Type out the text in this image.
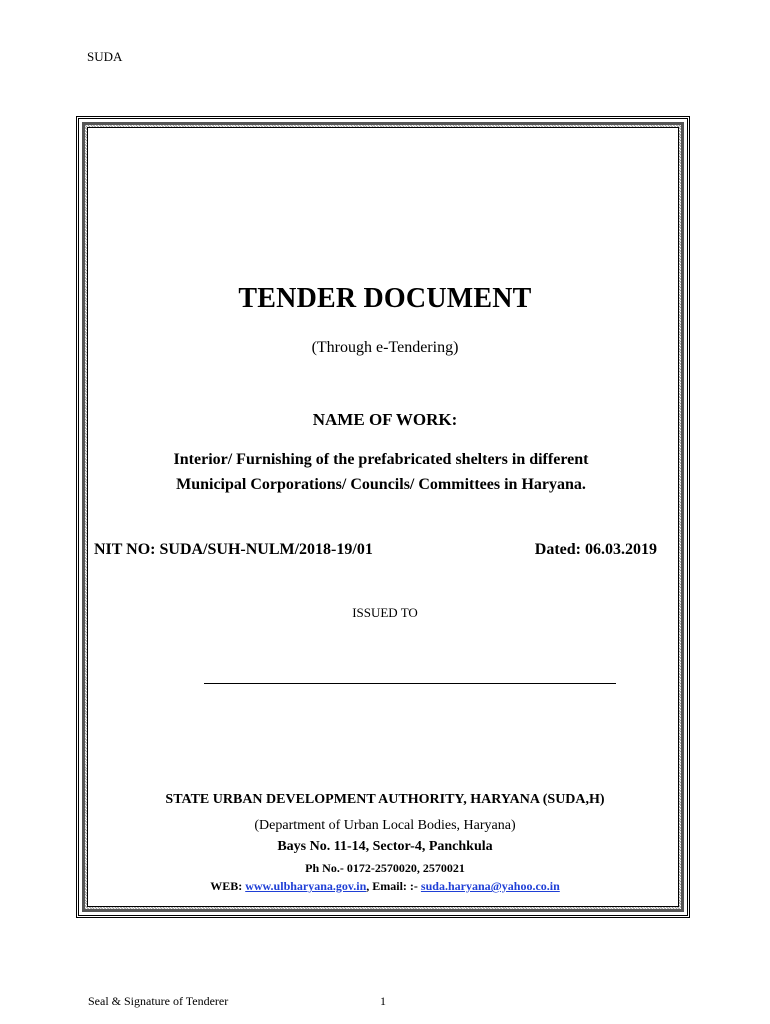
SUDA
TENDER DOCUMENT
(Through e-Tendering)
NAME OF WORK:
Interior/ Furnishing of the prefabricated shelters in different
Municipal Corporations/ Councils/ Committees in Haryana.
NIT NO: SUDA/SUH-NULM/2018-19/01	Dated: 06.03.2019
ISSUED TO
STATE URBAN DEVELOPMENT AUTHORITY, HARYANA (SUDA,H)
(Department of Urban Local Bodies, Haryana)
Bays No. 11-14, Sector-4, Panchkula
Ph No.- 0172-2570020, 2570021
WEB: www.ulbharyana.gov.in, Email: :- suda.haryana@yahoo.co.in
Seal & Signature of Tenderer	1
